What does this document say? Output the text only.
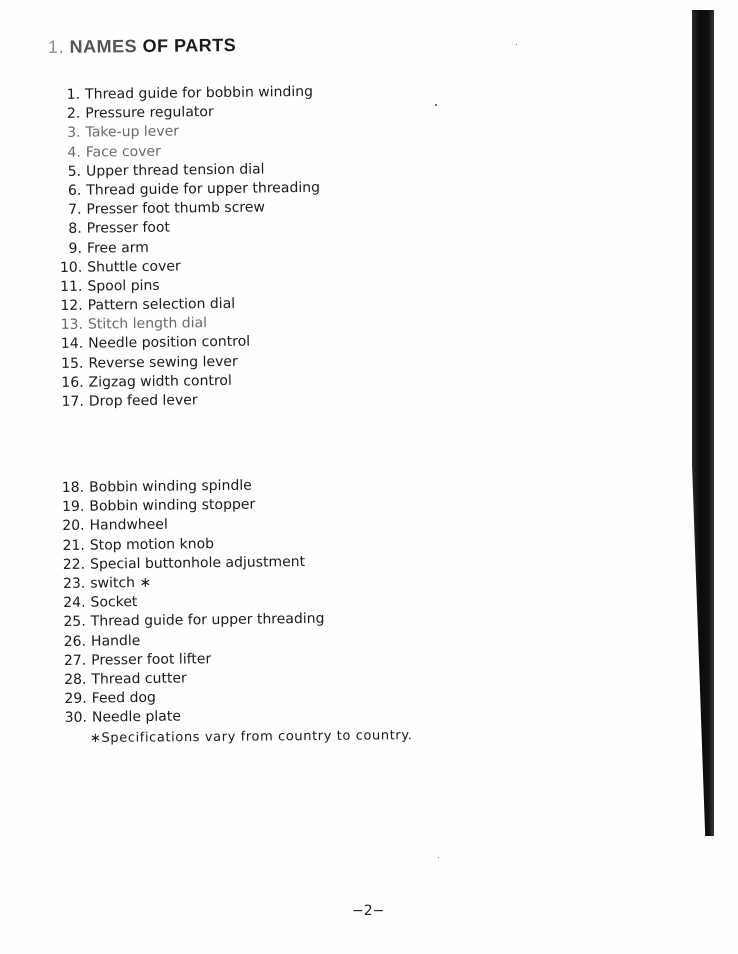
1. NAMES OF PARTS
1. Thread guide for bobbin winding
2. Pressure regulator
3. Take-up lever
4. Face cover
5. Upper thread tension dial
6. Thread guide for upper threading
7. Presser foot thumb screw
8. Presser foot
9. Free arm
10. Shuttle cover
11. Spool pins
12. Pattern selection dial
13. Stitch length dial
14. Needle position control
15. Reverse sewing lever
16. Zigzag width control
17. Drop feed lever
18. Bobbin winding spindle
19. Bobbin winding stopper
20. Handwheel
21. Stop motion knob
22. Special buttonhole adjustment
23. switch ∗
24. Socket
25. Thread guide for upper threading
26. Handle
27. Presser foot lifter
28. Thread cutter
29. Feed dog
30. Needle plate
∗Specifications vary from country to country.
−2−
